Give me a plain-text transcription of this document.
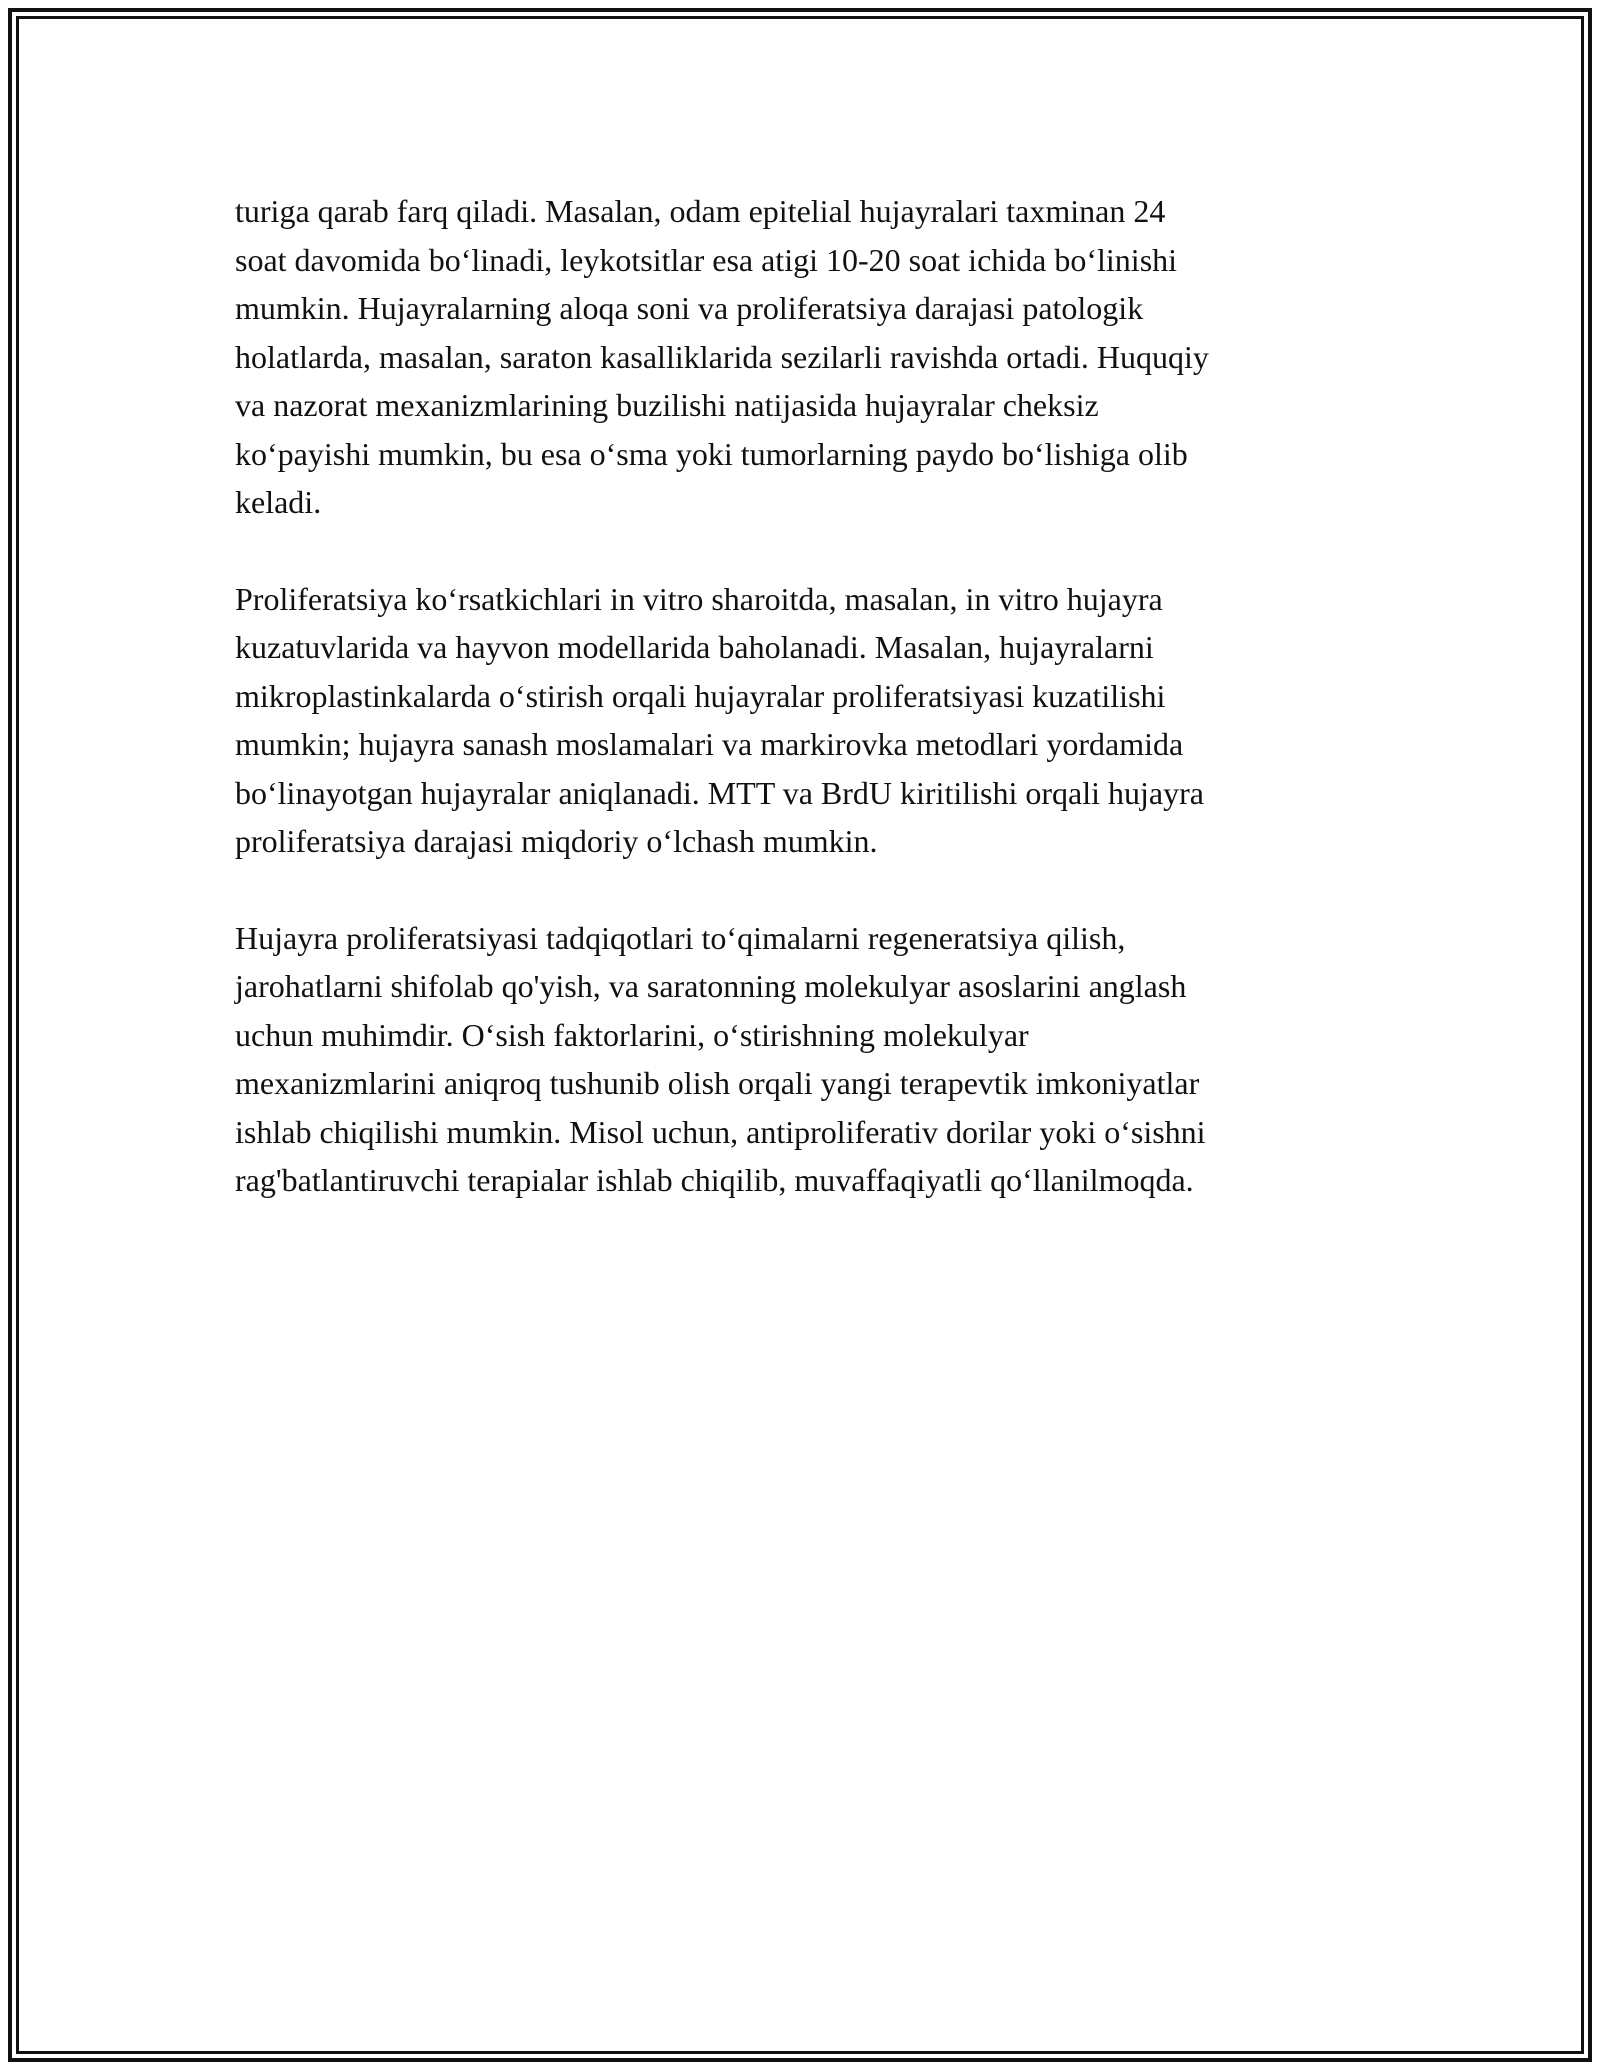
turiga qarab farq qiladi. Masalan, odam epitelial hujayralari taxminan 24
soat davomida bo‘linadi, leykotsitlar esa atigi 10-20 soat ichida bo‘linishi
mumkin. Hujayralarning aloqa soni va proliferatsiya darajasi patologik
holatlarda, masalan, saraton kasalliklarida sezilarli ravishda ortadi. Huquqiy
va nazorat mexanizmlarining buzilishi natijasida hujayralar cheksiz
ko‘payishi mumkin, bu esa o‘sma yoki tumorlarning paydo bo‘lishiga olib
keladi.

Proliferatsiya ko‘rsatkichlari in vitro sharoitda, masalan, in vitro hujayra
kuzatuvlarida va hayvon modellarida baholanadi. Masalan, hujayralarni
mikroplastinkalarda o‘stirish orqali hujayralar proliferatsiyasi kuzatilishi
mumkin; hujayra sanash moslamalari va markirovka metodlari yordamida
bo‘linayotgan hujayralar aniqlanadi. MTT va BrdU kiritilishi orqali hujayra
proliferatsiya darajasi miqdoriy o‘lchash mumkin.

Hujayra proliferatsiyasi tadqiqotlari to‘qimalarni regeneratsiya qilish,
jarohatlarni shifolab qo'yish, va saratonning molekulyar asoslarini anglash
uchun muhimdir. O‘sish faktorlarini, o‘stirishning molekulyar
mexanizmlarini aniqroq tushunib olish orqali yangi terapevtik imkoniyatlar
ishlab chiqilishi mumkin. Misol uchun, antiproliferativ dorilar yoki o‘sishni
rag'batlantiruvchi terapialar ishlab chiqilib, muvaffaqiyatli qo‘llanilmoqda.
